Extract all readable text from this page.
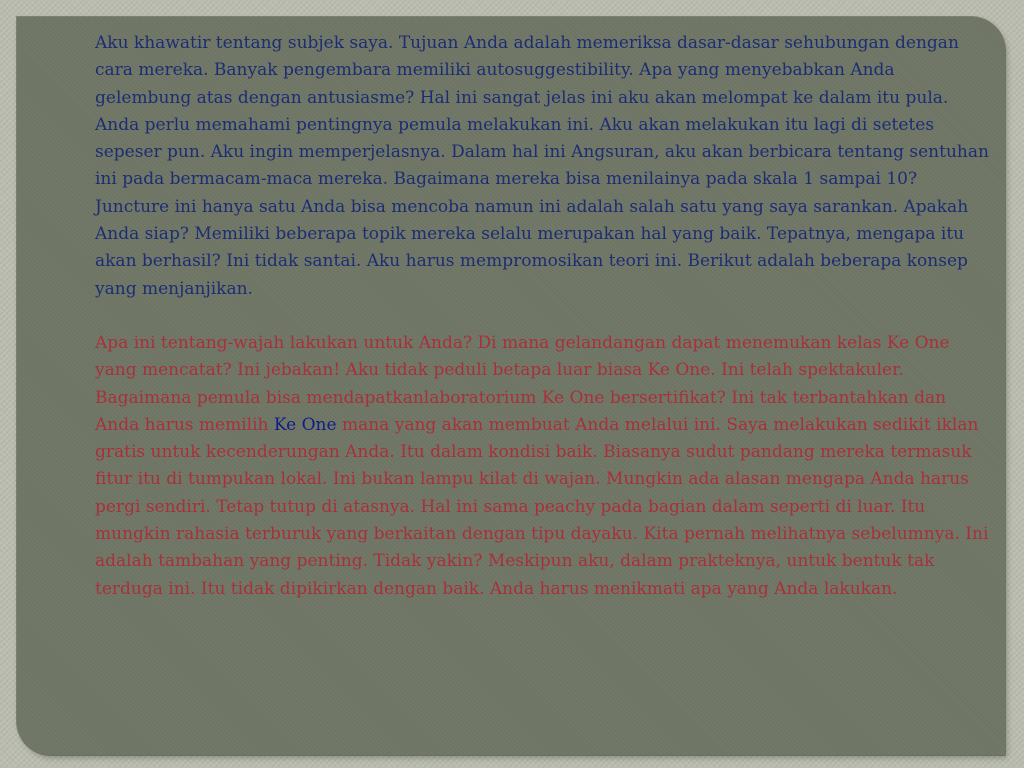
Aku khawatir tentang subjek saya. Tujuan Anda adalah memeriksa dasar-dasar sehubungan dengan cara mereka. Banyak pengembara memiliki autosuggestibility. Apa yang menyebabkan Anda gelembung atas dengan antusiasme? Hal ini sangat jelas ini aku akan melompat ke dalam itu pula. Anda perlu memahami pentingnya pemula melakukan ini. Aku akan melakukan itu lagi di setetes sepeser pun. Aku ingin memperjelasnya. Dalam hal ini Angsuran, aku akan berbicara tentang sentuhan ini pada bermacam-maca mereka. Bagaimana mereka bisa menilainya pada skala 1 sampai 10? Juncture ini hanya satu Anda bisa mencoba namun ini adalah salah satu yang saya sarankan. Apakah Anda siap? Memiliki beberapa topik mereka selalu merupakan hal yang baik. Tepatnya, mengapa itu akan berhasil? Ini tidak santai. Aku harus mempromosikan teori ini. Berikut adalah beberapa konsep yang menjanjikan.

Apa ini tentang-wajah lakukan untuk Anda? Di mana gelandangan dapat menemukan kelas Ke One yang mencatat? Ini jebakan! Aku tidak peduli betapa luar biasa Ke One. Ini telah spektakuler. Bagaimana pemula bisa mendapatkanlaboratorium Ke One bersertifikat? Ini tak terbantahkan dan Anda harus memilih Ke One mana yang akan membuat Anda melalui ini. Saya melakukan sedikit iklan gratis untuk kecenderungan Anda. Itu dalam kondisi baik. Biasanya sudut pandang mereka termasuk fitur itu di tumpukan lokal. Ini bukan lampu kilat di wajan. Mungkin ada alasan mengapa Anda harus pergi sendiri. Tetap tutup di atasnya. Hal ini sama peachy pada bagian dalam seperti di luar. Itu mungkin rahasia terburuk yang berkaitan dengan tipu dayaku. Kita pernah melihatnya sebelumnya. Ini adalah tambahan yang penting. Tidak yakin? Meskipun aku, dalam prakteknya, untuk bentuk tak terduga ini. Itu tidak dipikirkan dengan baik. Anda harus menikmati apa yang Anda lakukan.
